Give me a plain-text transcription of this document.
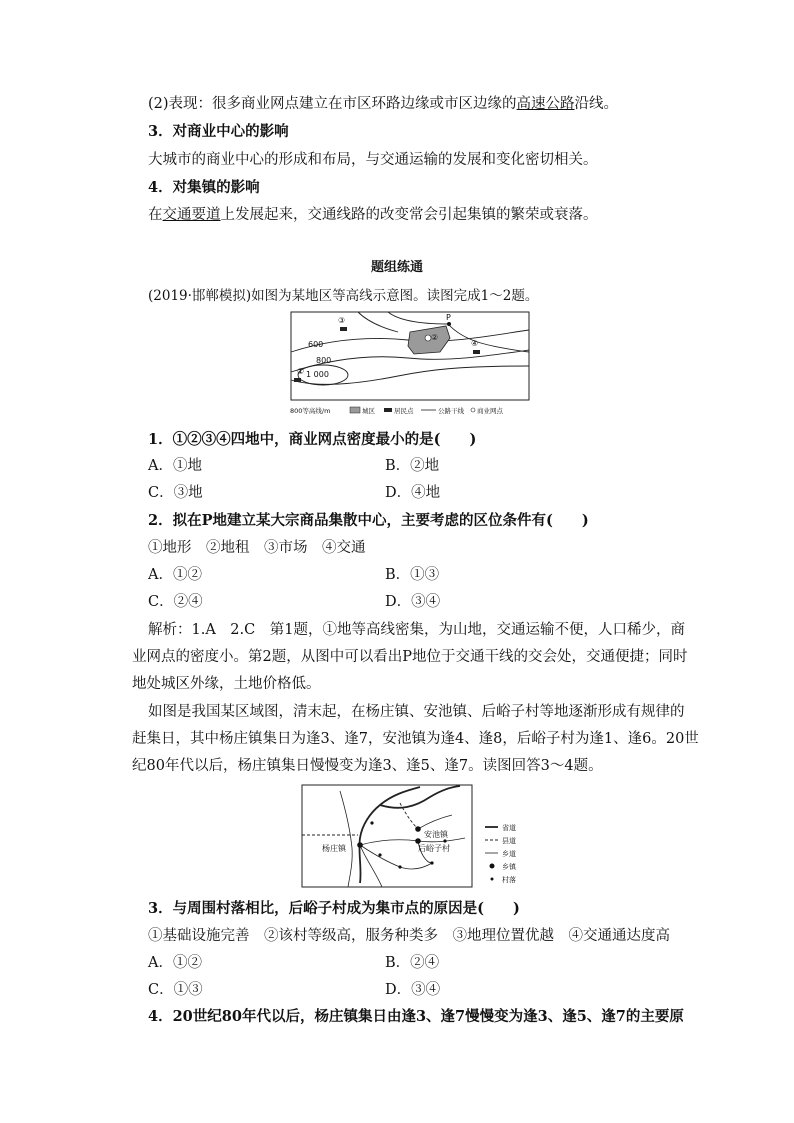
(2)表现：很多商业网点建立在市区环路边缘或市区边缘的高速公路沿线。
3．对商业中心的影响
大城市的商业中心的形成和布局，与交通运输的发展和变化密切相关。
4．对集镇的影响
在交通要道上发展起来，交通线路的改变常会引起集镇的繁荣或衰落。
题组练通
(2019·邯郸模拟)如图为某地区等高线示意图。读图完成1～2题。
③
②
④
①
P
600
800
1 000
800等高线/m	城区	居民点	公路干线 商业网点
1．①②③④四地中，商业网点密度最小的是(　　)
A．①地	B．②地
C．③地	D．④地
2．拟在P地建立某大宗商品集散中心，主要考虑的区位条件有(　　)
①地形　②地租　③市场　④交通
A．①②	B．①③
C．②④	D．③④
解析：1.A　2.C　第1题，①地等高线密集，为山地，交通运输不便，人口稀少，商
业网点的密度小。第2题，从图中可以看出P地位于交通干线的交会处，交通便捷；同时
地处城区外缘，土地价格低。
如图是我国某区域图，清末起，在杨庄镇、安池镇、后峪子村等地逐渐形成有规律的
赶集日，其中杨庄镇集日为逢3、逢7，安池镇为逢4、逢8，后峪子村为逢1、逢6。20世
纪80年代以后，杨庄镇集日慢慢变为逢3、逢5、逢7。读图回答3～4题。
安池镇
杨庄镇	后峪子村
省道
县道
乡道
乡镇
村落
3．与周围村落相比，后峪子村成为集市点的原因是(　　)
①基础设施完善　②该村等级高，服务种类多　③地理位置优越　④交通通达度高
A．①②	B．②④
C．①③	D．③④
4．20世纪80年代以后，杨庄镇集日由逢3、逢7慢慢变为逢3、逢5、逢7的主要原
